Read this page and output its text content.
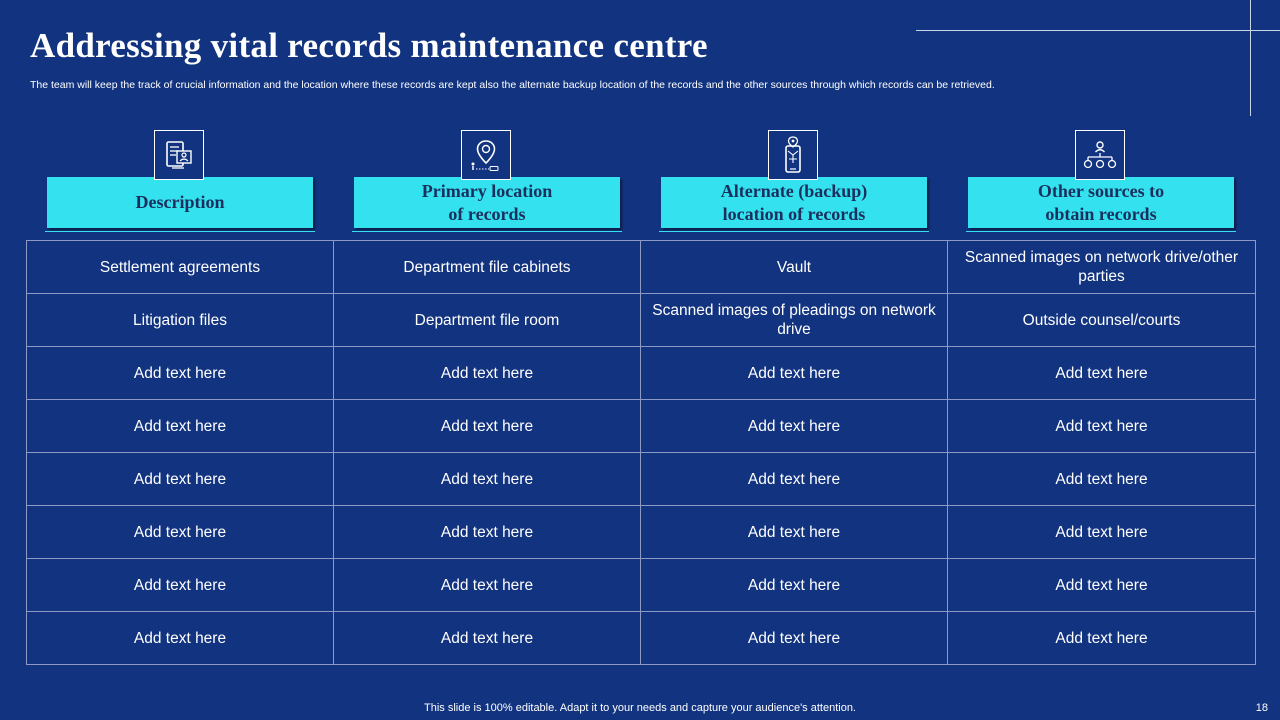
Addressing vital records maintenance centre
The team will keep the track of crucial information and the location where these records are kept also the alternate backup location of the records and the other sources through which records can be retrieved.
Description
Primary location
of records
Alternate (backup)
location of records
Other sources to
obtain records
Settlement agreements	Department file cabinets	Vault	Scanned images on network drive/other parties
Litigation files	Department file room	Scanned images of pleadings on network drive	Outside counsel/courts
Add text here	Add text here	Add text here	Add text here
Add text here	Add text here	Add text here	Add text here
Add text here	Add text here	Add text here	Add text here
Add text here	Add text here	Add text here	Add text here
Add text here	Add text here	Add text here	Add text here
Add text here	Add text here	Add text here	Add text here
This slide is 100% editable. Adapt it to your needs and capture your audience's attention.	18
